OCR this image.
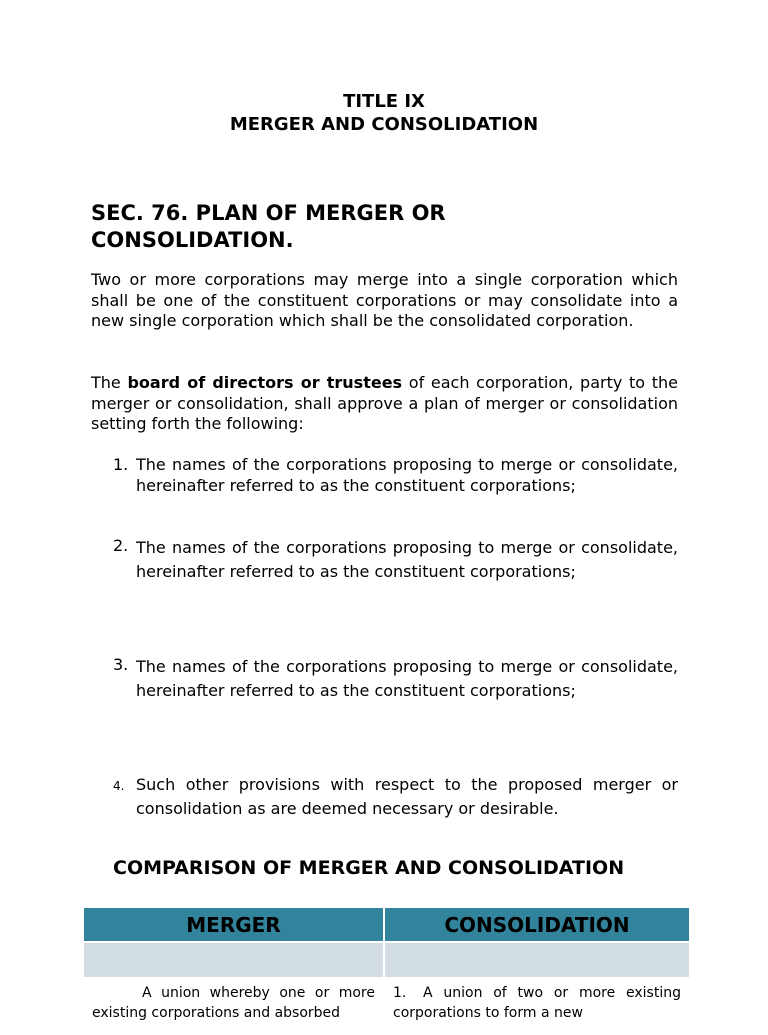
TITLE IX
MERGER AND CONSOLIDATION
SEC. 76. PLAN OF MERGER OR
CONSOLIDATION.
Two or more corporations may merge into a single corporation which shall be one of the constituent corporations or may consolidate into a new single corporation which shall be the consolidated corporation.
The board of directors or trustees of each corporation, party to the merger or consolidation, shall approve a plan of merger or consolidation setting forth the following:
1. The names of the corporations proposing to merge or consolidate, hereinafter referred to as the constituent corporations;
2. The names of the corporations proposing to merge or consolidate, hereinafter referred to as the constituent corporations;
3. The names of the corporations proposing to merge or consolidate, hereinafter referred to as the constituent corporations;
4. Such other provisions with respect to the proposed merger or consolidation as are deemed necessary or desirable.
COMPARISON OF MERGER AND CONSOLIDATION
MERGER	CONSOLIDATION

A union whereby one or more existing corporations and absorbed	1. A union of two or more existing corporations to form a new
